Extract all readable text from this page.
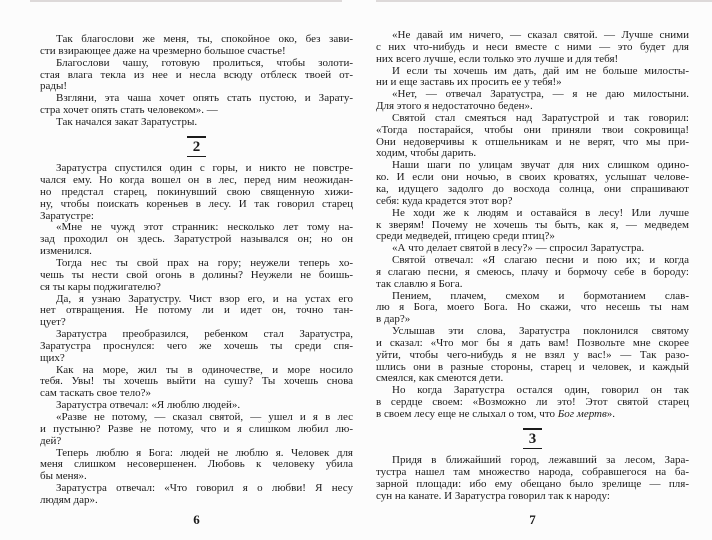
Так благослови же меня, ты, спокойное око, без зави-
сти взирающее даже на чрезмерно большое счастье!
Благослови чашу, готовую пролиться, чтобы золоти-
стая влага текла из нее и несла всюду отблеск твоей от-
рады!
Взгляни, эта чаша хочет опять стать пустою, и Зарату-
стра хочет опять стать человеком». —
Так начался закат Заратустры.
2
Заратустра спустился один с горы, и никто не повстре-
чался ему. Но когда вошел он в лес, перед ним неожидан-
но предстал старец, покинувший свою священную хижи-
ну, чтобы поискать кореньев в лесу. И так говорил старец
Заратустре:
«Мне не чужд этот странник: несколько лет тому на-
зад проходил он здесь. Заратустрой назывался он; но он
изменился.
Тогда нес ты свой прах на гору; неужели теперь хо-
чешь ты нести свой огонь в долины? Неужели не боишь-
ся ты кары поджигателю?
Да, я узнаю Заратустру. Чист взор его, и на устах его
нет отвращения. Не потому ли и идет он, точно тан-
цует?
Заратустра преобразился, ребенком стал Заратустра,
Заратустра проснулся: чего же хочешь ты среди спя-
щих?
Как на море, жил ты в одиночестве, и море носило
тебя. Увы! ты хочешь выйти на сушу? Ты хочешь снова
сам таскать свое тело?»
Заратустра отвечал: «Я люблю людей».
«Разве не потому, — сказал святой, — ушел и я в лес
и пустыню? Разве не потому, что и я слишком любил лю-
дей?
Теперь люблю я Бога: людей не люблю я. Человек для
меня слишком несовершенен. Любовь к человеку убила
бы меня».
Заратустра отвечал: «Что говорил я о любви! Я несу
людям дар».
6
«Не давай им ничего, — сказал святой. — Лучше сними
с них что-нибудь и неси вместе с ними — это будет для
них всего лучше, если только это лучше и для тебя!
И если ты хочешь им дать, дай им не больше милосты-
ни и еще заставь их просить ее у тебя!»
«Нет, — отвечал Заратустра, — я не даю милостыни.
Для этого я недостаточно беден».
Святой стал смеяться над Заратустрой и так говорил:
«Тогда постарайся, чтобы они приняли твои сокровища!
Они недоверчивы к отшельникам и не верят, что мы при-
ходим, чтобы дарить.
Наши шаги по улицам звучат для них слишком одино-
ко. И если они ночью, в своих кроватях, услышат челове-
ка, идущего задолго до восхода солнца, они спрашивают
себя: куда крадется этот вор?
Не ходи же к людям и оставайся в лесу! Или лучше
к зверям! Почему не хочешь ты быть, как я, — медведем
среди медведей, птицею среди птиц?»
«А что делает святой в лесу?» — спросил Заратустра.
Святой отвечал: «Я слагаю песни и пою их; и когда
я слагаю песни, я смеюсь, плачу и бормочу себе в бороду:
так славлю я Бога.
Пением, плачем, смехом и бормотанием слав-
лю я Бога, моего Бога. Но скажи, что несешь ты нам
в дар?»
Услышав эти слова, Заратустра поклонился святому
и сказал: «Что мог бы я дать вам! Позвольте мне скорее
уйти, чтобы чего-нибудь я не взял у вас!» — Так разо-
шлись они в разные стороны, старец и человек, и каждый
смеялся, как смеются дети.
Но когда Заратустра остался один, говорил он так
в сердце своем: «Возможно ли это! Этот святой старец
в своем лесу еще не слыхал о том, что Бог мертв».
3
Придя в ближайший город, лежавший за лесом, Зара-
тустра нашел там множество народа, собравшегося на ба-
зарной площади: ибо ему обещано было зрелище — пля-
сун на канате. И Заратустра говорил так к народу:
7
